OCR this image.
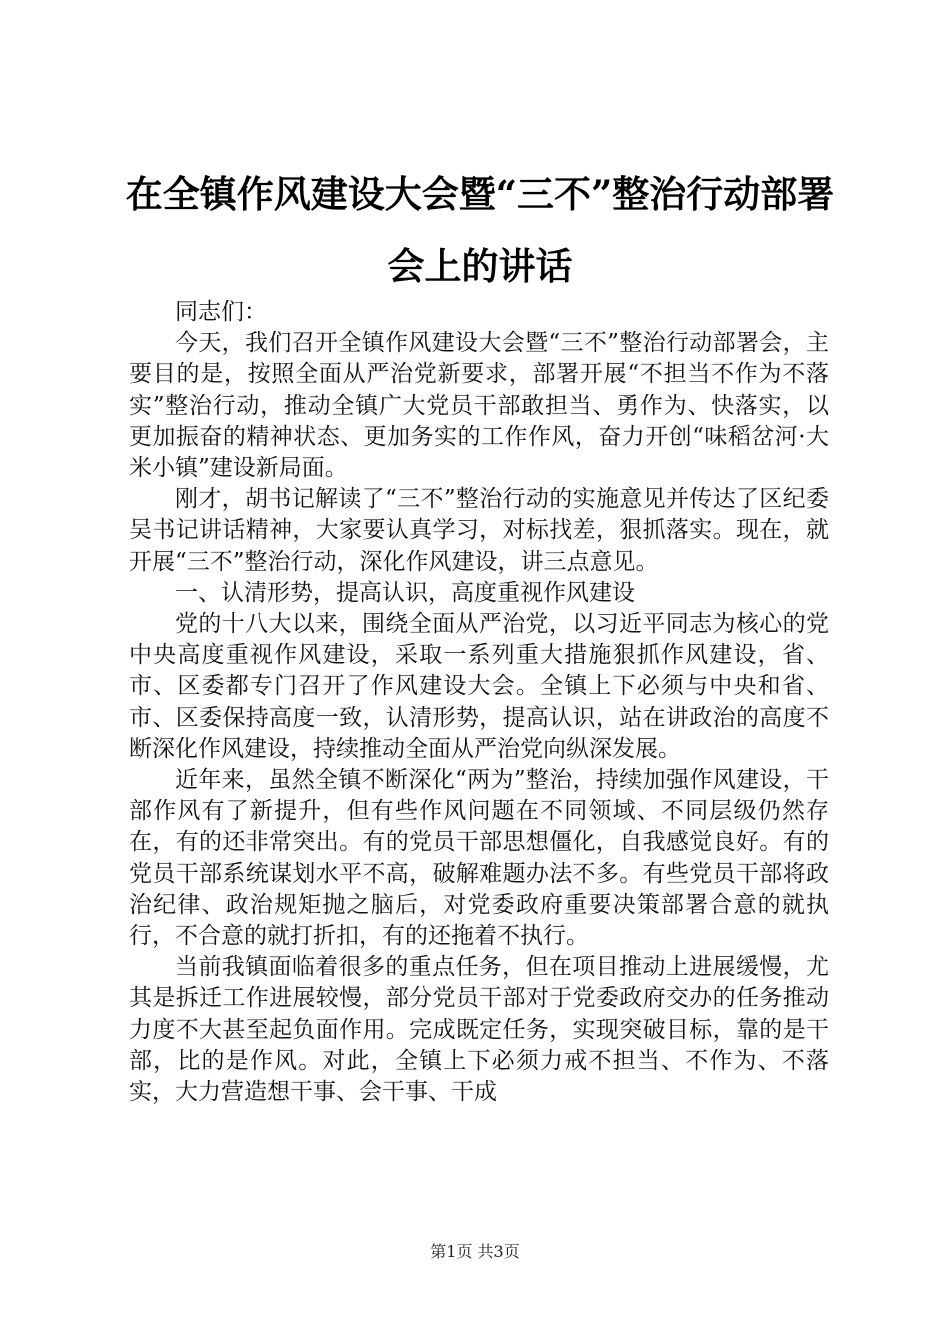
在全镇作风建设大会暨“三不”整治行动部署会上的讲话

同志们：

今天，我们召开全镇作风建设大会暨“三不”整治行动部署会，主要目的是，按照全面从严治党新要求，部署开展“不担当不作为不落实”整治行动，推动全镇广大党员干部敢担当、勇作为、快落实，以更加振奋的精神状态、更加务实的工作作风，奋力开创“味稻岔河·大米小镇”建设新局面。

刚才，胡书记解读了“三不”整治行动的实施意见并传达了区纪委吴书记讲话精神，大家要认真学习，对标找差，狠抓落实。现在，就开展“三不”整治行动，深化作风建设，讲三点意见。

一、认清形势，提高认识，高度重视作风建设

党的十八大以来，围绕全面从严治党，以习近平同志为核心的党中央高度重视作风建设，采取一系列重大措施狠抓作风建设，省、市、区委都专门召开了作风建设大会。全镇上下必须与中央和省、市、区委保持高度一致，认清形势，提高认识，站在讲政治的高度不断深化作风建设，持续推动全面从严治党向纵深发展。

近年来，虽然全镇不断深化“两为”整治，持续加强作风建设，干部作风有了新提升，但有些作风问题在不同领域、不同层级仍然存在，有的还非常突出。有的党员干部思想僵化，自我感觉良好。有的党员干部系统谋划水平不高，破解难题办法不多。有些党员干部将政治纪律、政治规矩抛之脑后，对党委政府重要决策部署合意的就执行，不合意的就打折扣，有的还拖着不执行。

当前我镇面临着很多的重点任务，但在项目推动上进展缓慢，尤其是拆迁工作进展较慢，部分党员干部对于党委政府交办的任务推动力度不大甚至起负面作用。完成既定任务，实现突破目标，靠的是干部，比的是作风。对此，全镇上下必须力戒不担当、不作为、不落实，大力营造想干事、会干事、干成

第1页 共3页
